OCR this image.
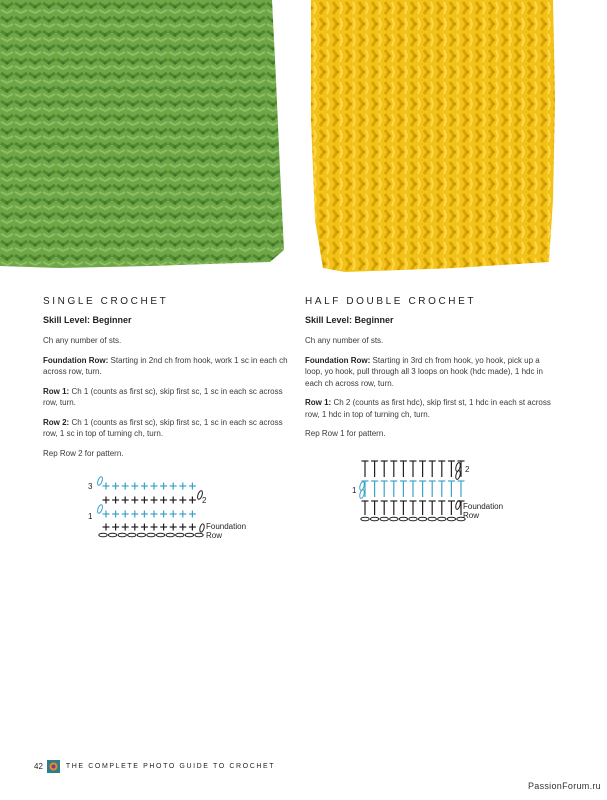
SINGLE CROCHET
Skill Level: Beginner
Ch any number of sts.
Foundation Row: Starting in 2nd ch from hook, work 1 sc in each ch across row, turn.
Row 1: Ch 1 (counts as first sc), skip first sc, 1 sc in each sc across row, turn.
Row 2: Ch 1 (counts as first sc), skip first sc, 1 sc in each sc across row, 1 sc in top of turning ch, turn.
Rep Row 2 for pattern.
HALF DOUBLE CROCHET
Skill Level: Beginner
Ch any number of sts.
Foundation Row: Starting in 3rd ch from hook, yo hook, pick up a loop, yo hook, pull through all 3 loops on hook (hdc made), 1 hdc in each ch across row, turn.
Row 1: Ch 2 (counts as first hdc), skip first st, 1 hdc in each st across row, 1 hdc in top of turning ch, turn.
Rep Row 1 for pattern.
3
2
1
Foundation
Row
2
1
Foundation
Row
42	THE COMPLETE PHOTO GUIDE TO CROCHET
PassionForum.ru
